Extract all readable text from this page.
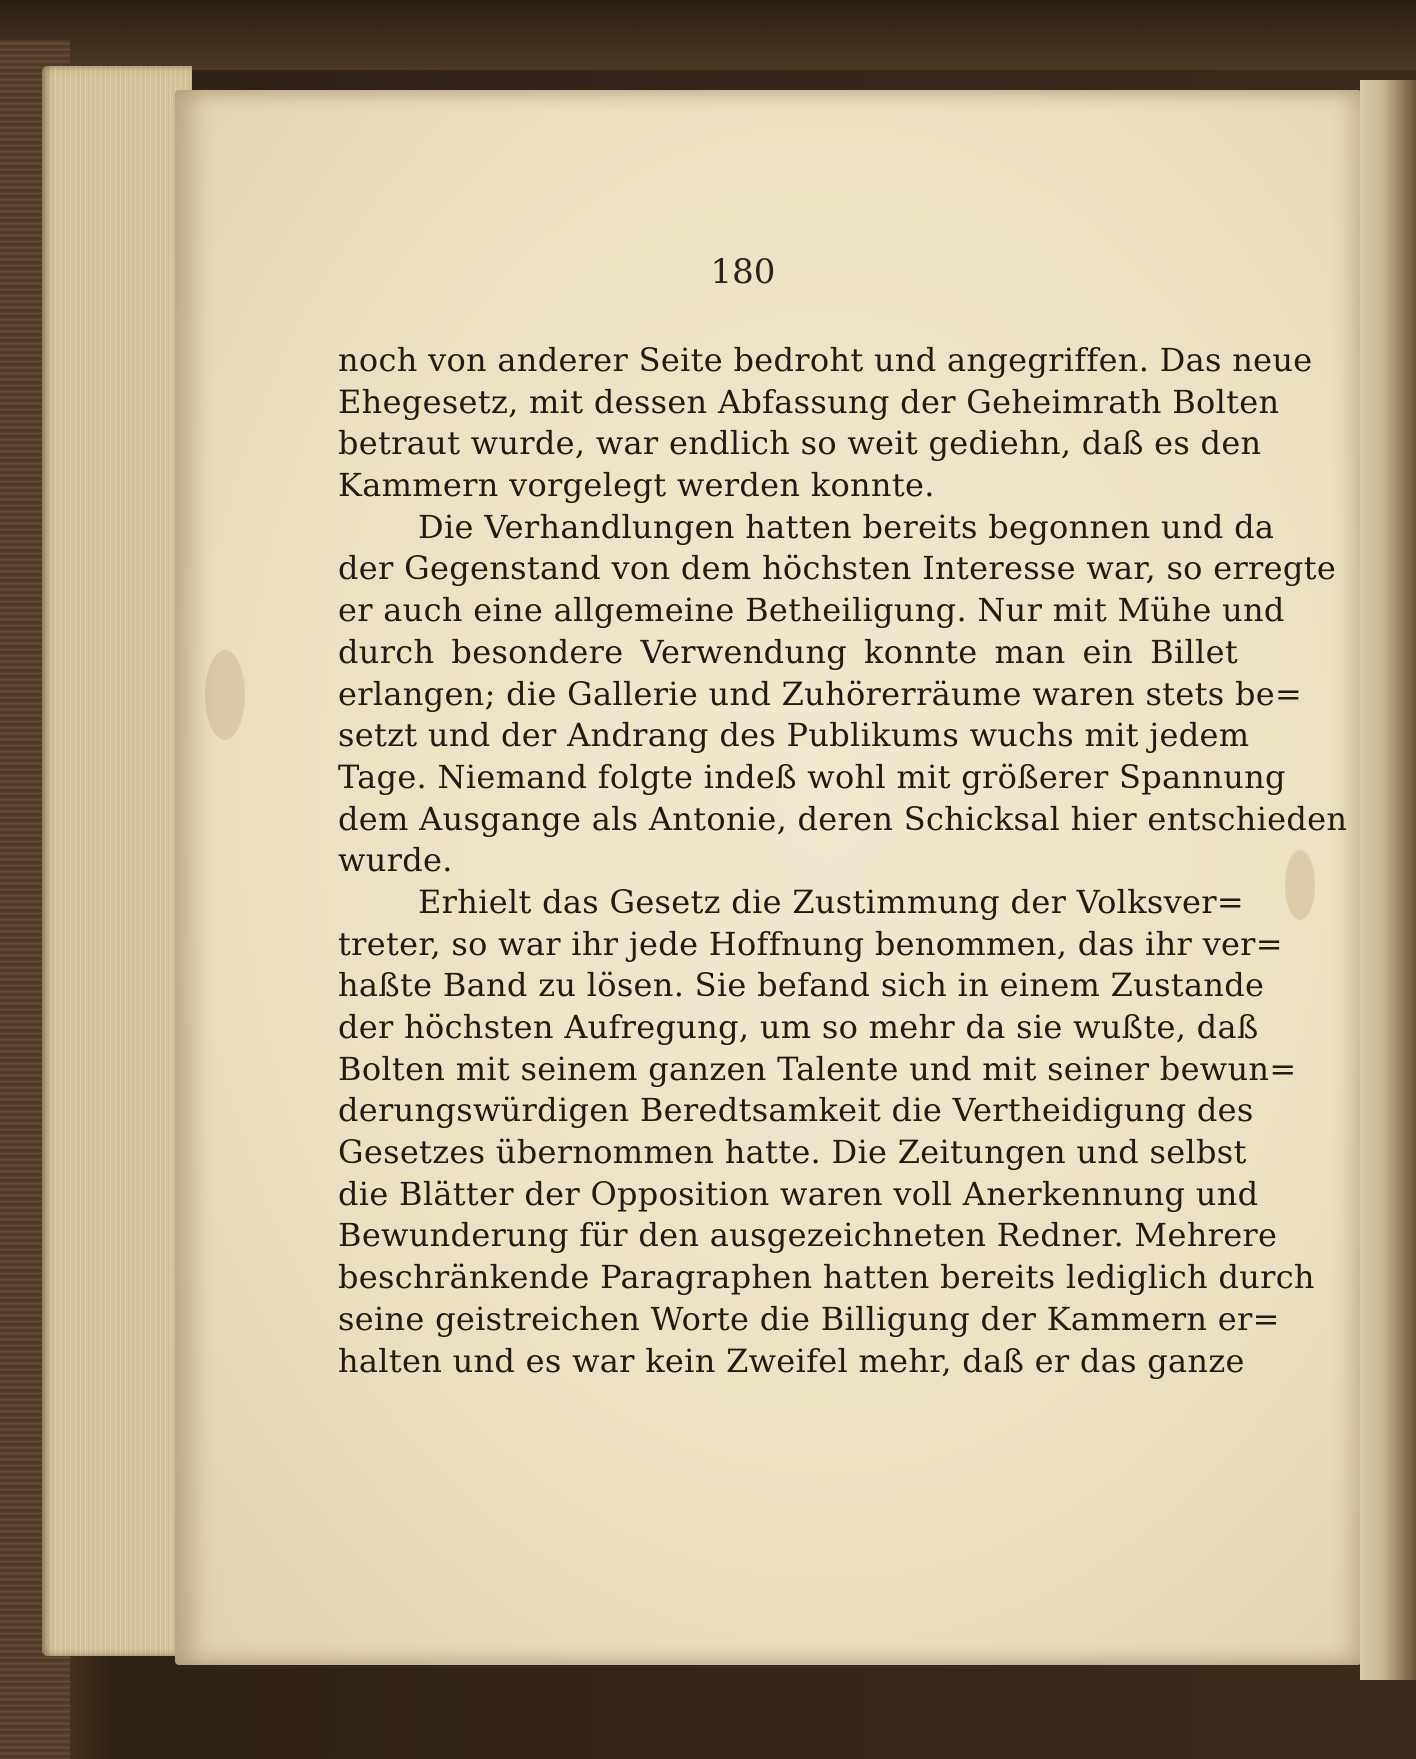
180
noch von anderer Seite bedroht und angegriffen. Das neue
Ehegesetz, mit dessen Abfassung der Geheimrath Bolten
betraut wurde, war endlich so weit gediehn, daß es den
Kammern vorgelegt werden konnte.
Die Verhandlungen hatten bereits begonnen und da
der Gegenstand von dem höchsten Interesse war, so erregte
er auch eine allgemeine Betheiligung. Nur mit Mühe und
durch besondere Verwendung konnte man ein Billet
erlangen; die Gallerie und Zuhörerräume waren stets be=
setzt und der Andrang des Publikums wuchs mit jedem
Tage. Niemand folgte indeß wohl mit größerer Spannung
dem Ausgange als Antonie, deren Schicksal hier entschieden
wurde.
Erhielt das Gesetz die Zustimmung der Volksver=
treter, so war ihr jede Hoffnung benommen, das ihr ver=
haßte Band zu lösen. Sie befand sich in einem Zustande
der höchsten Aufregung, um so mehr da sie wußte, daß
Bolten mit seinem ganzen Talente und mit seiner bewun=
derungswürdigen Beredtsamkeit die Vertheidigung des
Gesetzes übernommen hatte. Die Zeitungen und selbst
die Blätter der Opposition waren voll Anerkennung und
Bewunderung für den ausgezeichneten Redner. Mehrere
beschränkende Paragraphen hatten bereits lediglich durch
seine geistreichen Worte die Billigung der Kammern er=
halten und es war kein Zweifel mehr, daß er das ganze
